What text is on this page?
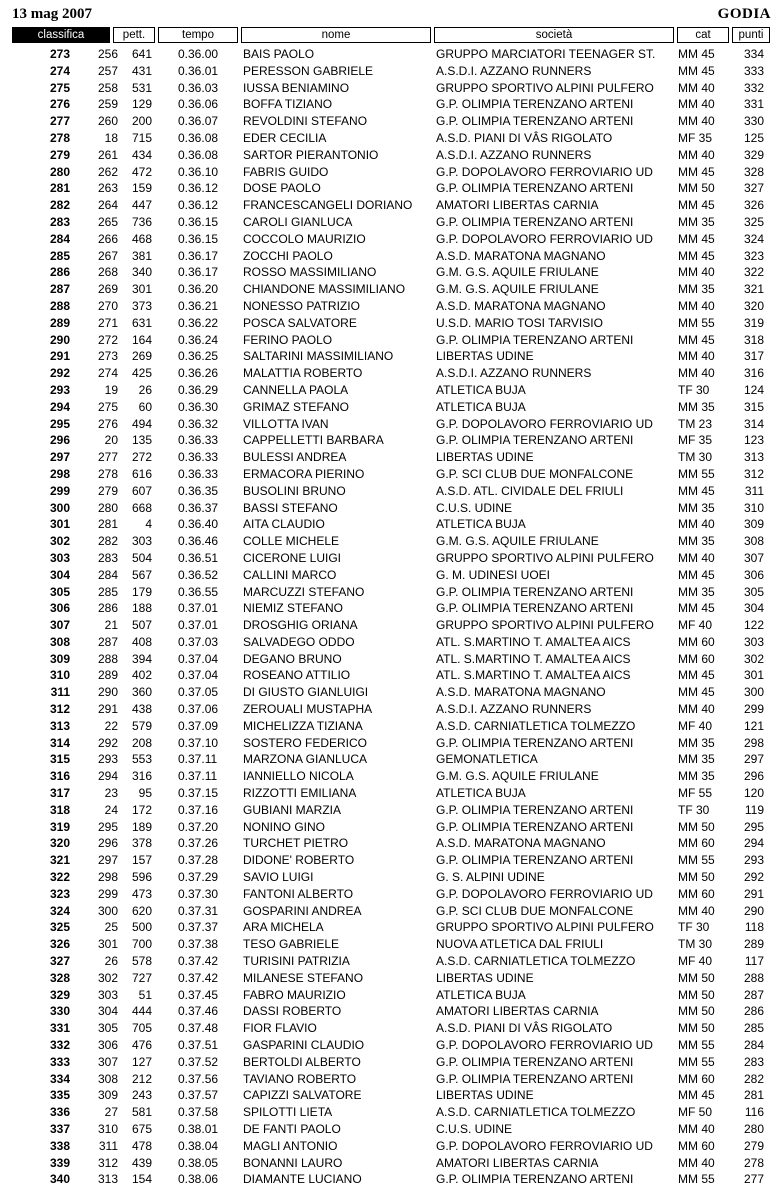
13 mag 2007	GODIA
classifica	pett.	tempo	nome	società	cat	punti
273	256	641 0.36.00 BAIS PAOLO	GRUPPO MARCIATORI TEENAGER ST. MM 45	334
274	257	431 0.36.01 PERESSON GABRIELE	A.S.D.I. AZZANO RUNNERS	MM 45	333
275	258	531 0.36.03 IUSSA BENIAMINO	GRUPPO SPORTIVO ALPINI PULFERO MM 40	332
276	259	129 0.36.06 BOFFA TIZIANO	G.P. OLIMPIA TERENZANO ARTENI	MM 40	331
277	260	200 0.36.07 REVOLDINI STEFANO	G.P. OLIMPIA TERENZANO ARTENI	MM 40	330
278	18	715 0.36.08 EDER CECILIA	A.S.D. PIANI DI VÂS RIGOLATO	MF 35	125
279	261	434 0.36.08 SARTOR PIERANTONIO	A.S.D.I. AZZANO RUNNERS	MM 40	329
280	262	472 0.36.10 FABRIS GUIDO	G.P. DOPOLAVORO FERROVIARIO UD MM 45	328
281	263	159 0.36.12 DOSE PAOLO	G.P. OLIMPIA TERENZANO ARTENI	MM 50	327
282	264	447 0.36.12 FRANCESCANGELI DORIANO AMATORI LIBERTAS CARNIA	MM 45	326
283	265	736 0.36.15 CAROLI GIANLUCA	G.P. OLIMPIA TERENZANO ARTENI	MM 35	325
284	266	468 0.36.15 COCCOLO MAURIZIO	G.P. DOPOLAVORO FERROVIARIO UD MM 45	324
285	267	381 0.36.17 ZOCCHI PAOLO	A.S.D. MARATONA MAGNANO	MM 45	323
286	268	340 0.36.17 ROSSO MASSIMILIANO	G.M. G.S. AQUILE FRIULANE	MM 40	322
287	269	301 0.36.20 CHIANDONE MASSIMILIANO	G.M. G.S. AQUILE FRIULANE	MM 35	321
288	270	373 0.36.21 NONESSO PATRIZIO	A.S.D. MARATONA MAGNANO	MM 40	320
289	271	631 0.36.22 POSCA SALVATORE	U.S.D. MARIO TOSI TARVISIO	MM 55	319
290	272	164 0.36.24 FERINO PAOLO	G.P. OLIMPIA TERENZANO ARTENI	MM 45	318
291	273	269 0.36.25 SALTARINI MASSIMILIANO	LIBERTAS UDINE	MM 40	317
292	274	425 0.36.26 MALATTIA ROBERTO	A.S.D.I. AZZANO RUNNERS	MM 40	316
293	19	26 0.36.29 CANNELLA PAOLA	ATLETICA BUJA	TF 30	124
294	275	60 0.36.30 GRIMAZ STEFANO	ATLETICA BUJA	MM 35	315
295	276	494 0.36.32 VILLOTTA IVAN	G.P. DOPOLAVORO FERROVIARIO UD TM 23	314
296	20	135 0.36.33 CAPPELLETTI BARBARA	G.P. OLIMPIA TERENZANO ARTENI	MF 35	123
297	277	272 0.36.33 BULESSI ANDREA	LIBERTAS UDINE	TM 30	313
298	278	616 0.36.33 ERMACORA PIERINO	G.P. SCI CLUB DUE MONFALCONE	MM 55	312
299	279	607 0.36.35 BUSOLINI BRUNO	A.S.D. ATL. CIVIDALE DEL FRIULI	MM 45	311
300	280	668 0.36.37 BASSI STEFANO	C.U.S. UDINE	MM 35	310
301	281	4 0.36.40 AITA CLAUDIO	ATLETICA BUJA	MM 40	309
302	282	303 0.36.46 COLLE MICHELE	G.M. G.S. AQUILE FRIULANE	MM 35	308
303	283	504 0.36.51 CICERONE LUIGI	GRUPPO SPORTIVO ALPINI PULFERO MM 40	307
304	284	567 0.36.52 CALLINI MARCO	G. M. UDINESI UOEI	MM 45	306
305	285	179 0.36.55 MARCUZZI STEFANO	G.P. OLIMPIA TERENZANO ARTENI	MM 35	305
306	286	188 0.37.01 NIEMIZ STEFANO	G.P. OLIMPIA TERENZANO ARTENI	MM 45	304
307	21	507 0.37.01 DROSGHIG ORIANA	GRUPPO SPORTIVO ALPINI PULFERO MF 40	122
308	287	408 0.37.03 SALVADEGO ODDO	ATL. S.MARTINO T. AMALTEA AICS	MM 60	303
309	288	394 0.37.04 DEGANO BRUNO	ATL. S.MARTINO T. AMALTEA AICS	MM 60	302
310	289	402 0.37.04 ROSEANO ATTILIO	ATL. S.MARTINO T. AMALTEA AICS	MM 45	301
311	290	360 0.37.05 DI GIUSTO GIANLUIGI	A.S.D. MARATONA MAGNANO	MM 45	300
312	291	438 0.37.06 ZEROUALI MUSTAPHA	A.S.D.I. AZZANO RUNNERS	MM 40	299
313	22	579 0.37.09 MICHELIZZA TIZIANA	A.S.D. CARNIATLETICA TOLMEZZO	MF 40	121
314	292	208 0.37.10 SOSTERO FEDERICO	G.P. OLIMPIA TERENZANO ARTENI	MM 35	298
315	293	553 0.37.11 MARZONA GIANLUCA	GEMONATLETICA	MM 35	297
316	294	316 0.37.11 IANNIELLO NICOLA	G.M. G.S. AQUILE FRIULANE	MM 35	296
317	23	95 0.37.15 RIZZOTTI EMILIANA	ATLETICA BUJA	MF 55	120
318	24	172 0.37.16 GUBIANI MARZIA	G.P. OLIMPIA TERENZANO ARTENI	TF 30	119
319	295	189 0.37.20 NONINO GINO	G.P. OLIMPIA TERENZANO ARTENI	MM 50	295
320	296	378 0.37.26 TURCHET PIETRO	A.S.D. MARATONA MAGNANO	MM 60	294
321	297	157 0.37.28 DIDONE' ROBERTO	G.P. OLIMPIA TERENZANO ARTENI	MM 55	293
322	298	596 0.37.29 SAVIO LUIGI	G. S. ALPINI UDINE	MM 50	292
323	299	473 0.37.30 FANTONI ALBERTO	G.P. DOPOLAVORO FERROVIARIO UD MM 60	291
324	300	620 0.37.31 GOSPARINI ANDREA	G.P. SCI CLUB DUE MONFALCONE	MM 40	290
325	25	500 0.37.37 ARA MICHELA	GRUPPO SPORTIVO ALPINI PULFERO TF 30	118
326	301	700 0.37.38 TESO GABRIELE	NUOVA ATLETICA DAL FRIULI	TM 30	289
327	26	578 0.37.42 TURISINI PATRIZIA	A.S.D. CARNIATLETICA TOLMEZZO	MF 40	117
328	302	727 0.37.42 MILANESE STEFANO	LIBERTAS UDINE	MM 50	288
329	303	51 0.37.45 FABRO MAURIZIO	ATLETICA BUJA	MM 50	287
330	304	444 0.37.46 DASSI ROBERTO	AMATORI LIBERTAS CARNIA	MM 50	286
331	305	705 0.37.48 FIOR FLAVIO	A.S.D. PIANI DI VÂS RIGOLATO	MM 50	285
332	306	476 0.37.51 GASPARINI CLAUDIO	G.P. DOPOLAVORO FERROVIARIO UD MM 55	284
333	307	127 0.37.52 BERTOLDI ALBERTO	G.P. OLIMPIA TERENZANO ARTENI	MM 55	283
334	308	212 0.37.56 TAVIANO ROBERTO	G.P. OLIMPIA TERENZANO ARTENI	MM 60	282
335	309	243 0.37.57 CAPIZZI SALVATORE	LIBERTAS UDINE	MM 45	281
336	27	581 0.37.58 SPILOTTI LIETA	A.S.D. CARNIATLETICA TOLMEZZO	MF 50	116
337	310	675 0.38.01 DE FANTI PAOLO	C.U.S. UDINE	MM 40	280
338	311	478 0.38.04 MAGLI ANTONIO	G.P. DOPOLAVORO FERROVIARIO UD MM 60	279
339	312	439 0.38.05 BONANNI LAURO	AMATORI LIBERTAS CARNIA	MM 40	278
340	313	154 0.38.06 DIAMANTE LUCIANO	G.P. OLIMPIA TERENZANO ARTENI	MM 55	277
